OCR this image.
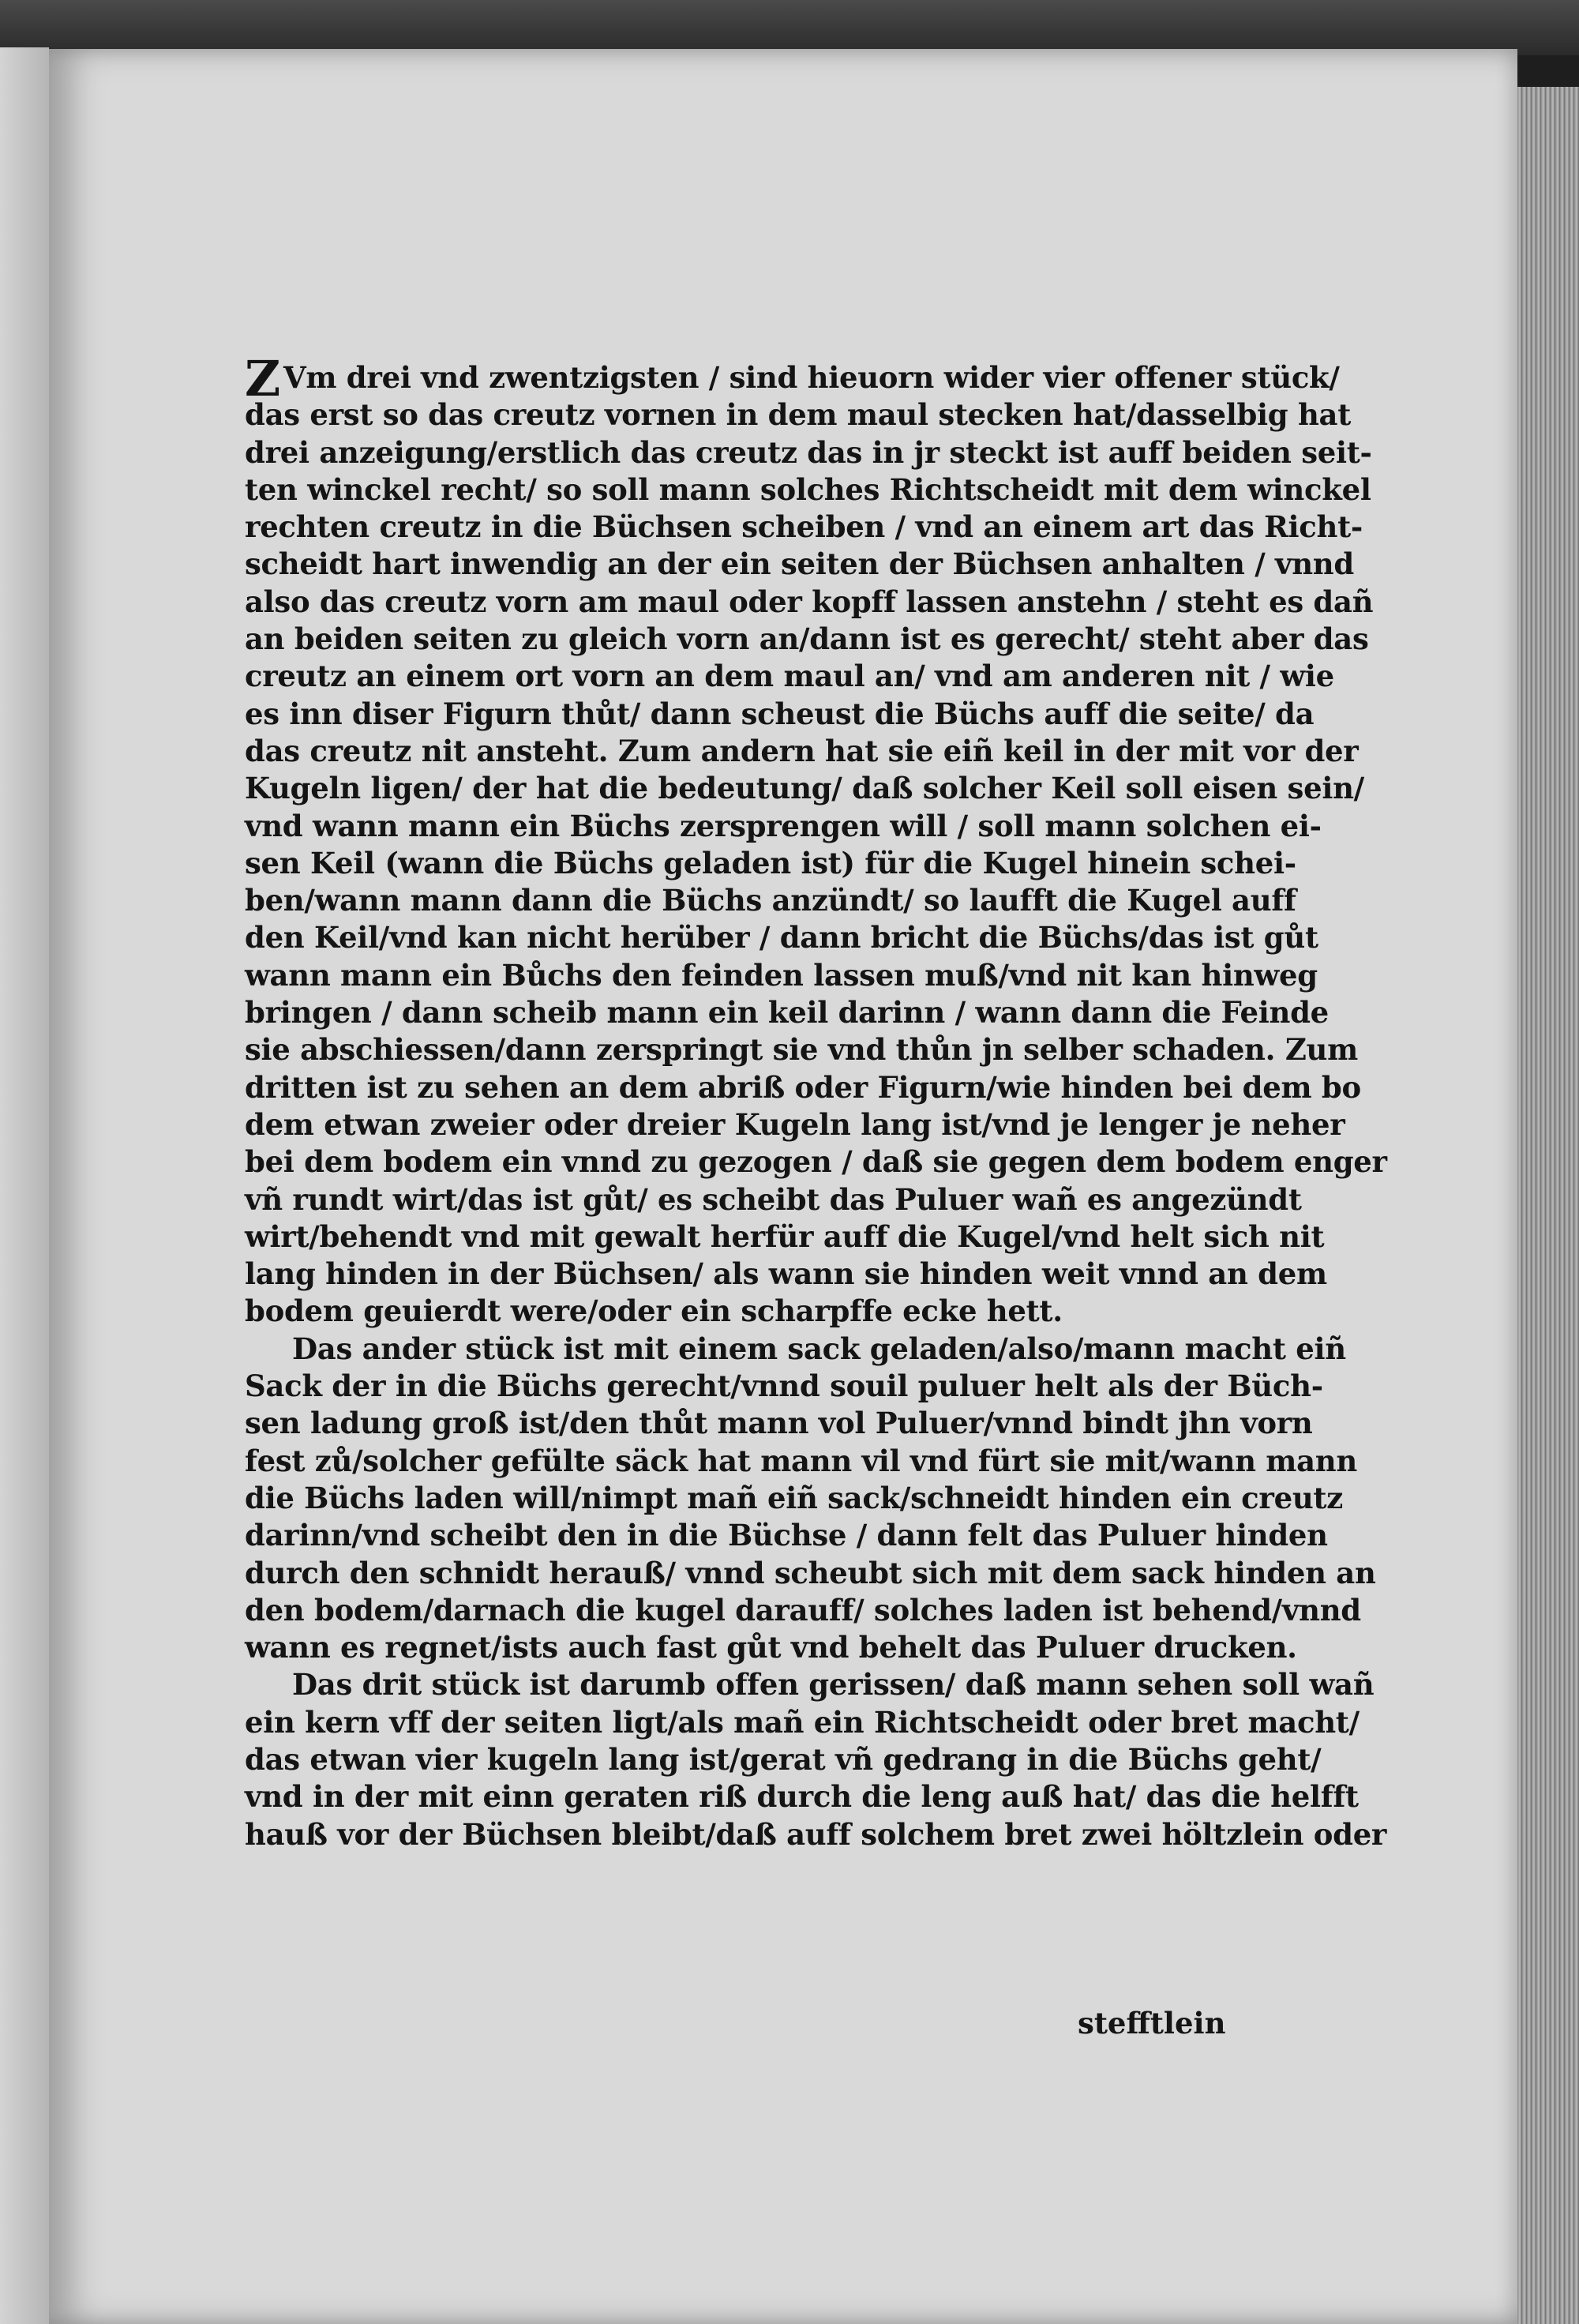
Z Vm drei vnd zwentzigsten / sind hieuorn wider vier offener stück/
das erst so das creutz vornen in dem maul stecken hat/dasselbig hat
drei anzeigung/erstlich das creutz das in jr steckt ist auff beiden seit-
ten winckel recht/ so soll mann solches Richtscheidt mit dem winckel
rechten creutz in die Büchsen scheiben / vnd an einem art das Richt-
scheidt hart inwendig an der ein seiten der Büchsen anhalten / vnnd
also das creutz vorn am maul oder kopff lassen anstehn / steht es dañ
an beiden seiten zu gleich vorn an/dann ist es gerecht/ steht aber das
creutz an einem ort vorn an dem maul an/ vnd am anderen nit / wie
es inn diser Figurn thůt/ dann scheust die Büchs auff die seite/ da
das creutz nit ansteht. Zum andern hat sie eiñ keil in der mit vor der
Kugeln ligen/ der hat die bedeutung/ daß solcher Keil soll eisen sein/
vnd wann mann ein Büchs zersprengen will / soll mann solchen ei-
sen Keil (wann die Büchs geladen ist) für die Kugel hinein schei-
ben/wann mann dann die Büchs anzündt/ so laufft die Kugel auff
den Keil/vnd kan nicht herüber / dann bricht die Büchs/das ist gůt
wann mann ein Bůchs den feinden lassen muß/vnd nit kan hinweg
bringen / dann scheib mann ein keil darinn / wann dann die Feinde
sie abschiessen/dann zerspringt sie vnd thůn jn selber schaden. Zum
dritten ist zu sehen an dem abriß oder Figurn/wie hinden bei dem bo
dem etwan zweier oder dreier Kugeln lang ist/vnd je lenger je neher
bei dem bodem ein vnnd zu gezogen / daß sie gegen dem bodem enger
vñ rundt wirt/das ist gůt/ es scheibt das Puluer wañ es angezündt
wirt/behendt vnd mit gewalt herfür auff die Kugel/vnd helt sich nit
lang hinden in der Büchsen/ als wann sie hinden weit vnnd an dem
bodem geuierdt were/oder ein scharpffe ecke hett.
Das ander stück ist mit einem sack geladen/also/mann macht eiñ
Sack der in die Büchs gerecht/vnnd souil puluer helt als der Büch-
sen ladung groß ist/den thůt mann vol Puluer/vnnd bindt jhn vorn
fest zů/solcher gefülte säck hat mann vil vnd fürt sie mit/wann mann
die Büchs laden will/nimpt mañ eiñ sack/schneidt hinden ein creutz
darinn/vnd scheibt den in die Büchse / dann felt das Puluer hinden
durch den schnidt herauß/ vnnd scheubt sich mit dem sack hinden an
den bodem/darnach die kugel darauff/ solches laden ist behend/vnnd
wann es regnet/ists auch fast gůt vnd behelt das Puluer drucken.
Das drit stück ist darumb offen gerissen/ daß mann sehen soll wañ
ein kern vff der seiten ligt/als mañ ein Richtscheidt oder bret macht/
das etwan vier kugeln lang ist/gerat vñ gedrang in die Büchs geht/
vnd in der mit einn geraten riß durch die leng auß hat/ das die helfft
hauß vor der Büchsen bleibt/daß auff solchem bret zwei höltzlein oder
stefftlein
